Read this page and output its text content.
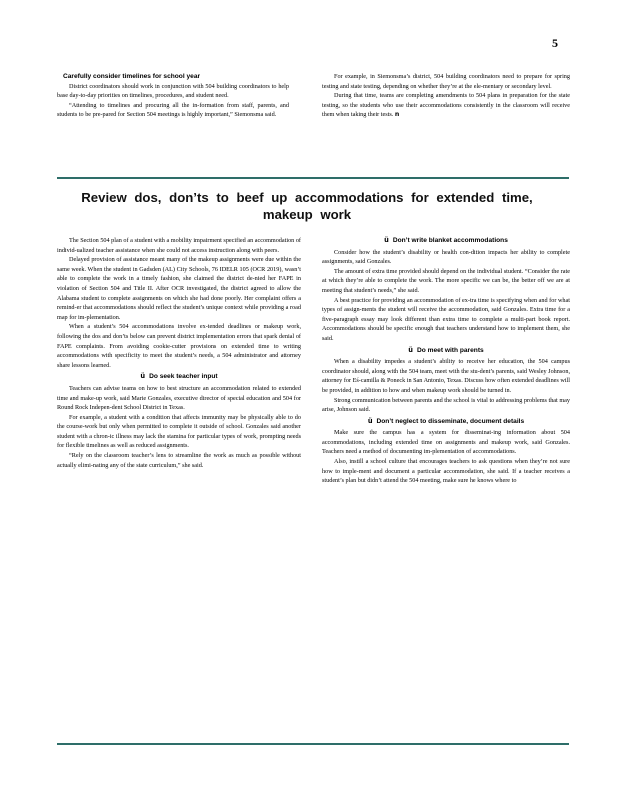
5

Carefully consider timelines for school year

District coordinators should work in conjunction with 504 building coordinators to help base day-to-day priorities on timelines, procedures, and student need.

“Attending to timelines and procuring all the in-formation from staff, parents, and students to be pre-pared for Section 504 meetings is highly important,” Siemonsma said.

For example, in Siemonsma’s district, 504 building coordinators need to prepare for spring testing and state testing, depending on whether they’re at the ele-mentary or secondary level.

During that time, teams are completing amendments to 504 plans in preparation for the state testing, so the students who use their accommodations consistently in the classroom will receive them when taking their tests. n

Review dos, don’ts to beef up accommodations for extended time, makeup work

The Section 504 plan of a student with a mobility impairment specified an accommodation of individ-ualized teacher assistance when she could not access instruction along with peers.

Delayed provision of assistance meant many of the makeup assignments were due within the same week. When the student in Gadsden (AL) City Schools, 76 IDELR 105 (OCR 2019), wasn’t able to complete the work in a timely fashion, she claimed the district de-nied her FAPE in violation of Section 504 and Title II. After OCR investigated, the district agreed to allow the Alabama student to complete assignments on which she had done poorly. Her complaint offers a remind-er that accommodations should reflect the student’s unique context while providing a road map for im-plementation.

When a student’s 504 accommodations involve ex-tended deadlines or makeup work, following the dos and don’ts below can prevent district implementation errors that spark denial of FAPE complaints. From avoiding cookie-cutter provisions on extended time to writing accommodations with specificity to meet the student’s needs, a 504 administrator and attorney share lessons learned.

ü Do seek teacher input

Teachers can advise teams on how to best structure an accommodation related to extended time and make-up work, said Marie Gonzales, executive director of special education and 504 for Round Rock Indepen-dent School District in Texas.

For example, a student with a condition that affects immunity may be physically able to do the course-work but only when permitted to complete it outside of school. Gonzales said another student with a chron-ic illness may lack the stamina for particular types of work, prompting needs for flexible timelines as well as reduced assignments.

“Rely on the classroom teacher’s lens to streamline the work as much as possible without actually elimi-nating any of the state curriculum,” she said.

ü Don’t write blanket accommodations

Consider how the student’s disability or health con-dition impacts her ability to complete assignments, said Gonzales.

The amount of extra time provided should depend on the individual student. “Consider the rate at which they’re able to complete the work. The more specific we can be, the better off we are at meeting that student’s needs,” she said.

A best practice for providing an accommodation of ex-tra time is specifying when and for what types of assign-ments the student will receive the accommodation, said Gonzales. Extra time for a five-paragraph essay may look different than extra time to complete a multi-part book report. Accommodations should be specific enough that teachers understand how to implement them, she said.

ü Do meet with parents

When a disability impedes a student’s ability to receive her education, the 504 campus coordinator should, along with the 504 team, meet with the stu-dent’s parents, said Wesley Johnson, attorney for Eś-camilla & Poneck in San Antonio, Texas. Discuss how often extended deadlines will be provided, in addition to how and when makeup work should be turned in.

Strong communication between parents and the school is vital to addressing problems that may arise, Johnson said.

ü Don’t neglect to disseminate, document details

Make sure the campus has a system for disseminat-ing information about 504 accommodations, including extended time on assignments and makeup work, said Gonzales. Teachers need a method of documenting im-plementation of accommodations.

Also, instill a school culture that encourages teachers to ask questions when they’re not sure how to imple-ment and document a particular accommodation, she said. If a teacher receives a student’s plan but didn’t attend the 504 meeting, make sure he knows where to
